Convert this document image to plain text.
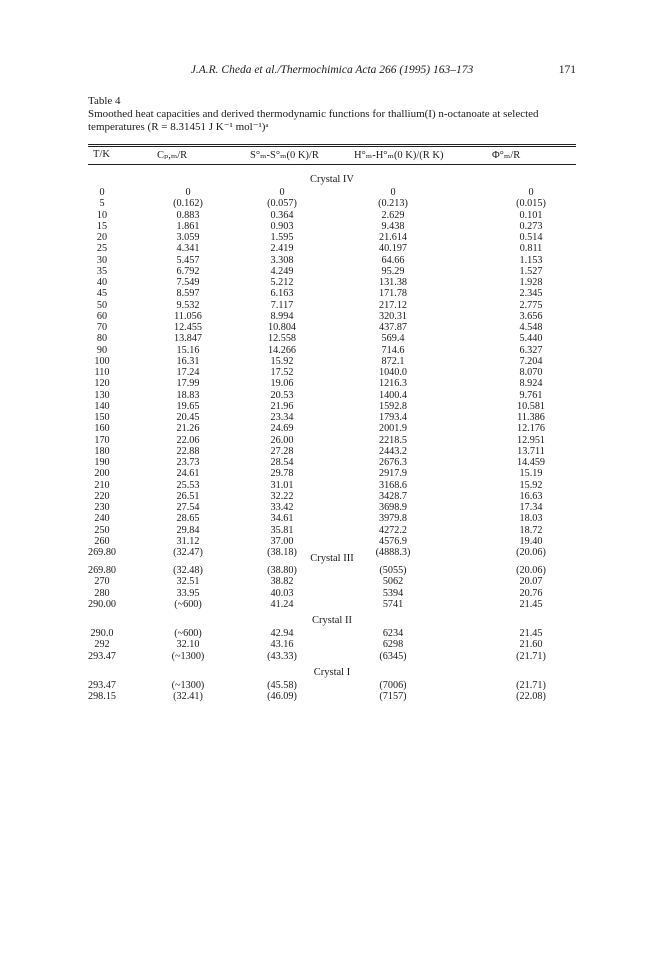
J.A.R. Cheda et al./Thermochimica Acta 266 (1995) 163–173	171
Table 4
Smoothed heat capacities and derived thermodynamic functions for thallium(I) n-octanoate at selected
temperatures (R = 8.31451 J K⁻¹ mol⁻¹)ᵃ
T/K	Cₚ,ₘ/R	S°ₘ-S°ₘ(0 K)/R	H°ₘ-H°ₘ(0 K)/(R K)	Φ°ₘ/R
Crystal IV
0	0	0	0	0
5	(0.162)	(0.057)	(0.213)	(0.015)
10	0.883	0.364	2.629	0.101
15	1.861	0.903	9.438	0.273
20	3.059	1.595	21.614	0.514
25	4.341	2.419	40.197	0.811
30	5.457	3.308	64.66	1.153
35	6.792	4.249	95.29	1.527
40	7.549	5.212	131.38	1.928
45	8.597	6.163	171.78	2.345
50	9.532	7.117	217.12	2.775
60	11.056	8.994	320.31	3.656
70	12.455	10.804	437.87	4.548
80	13.847	12.558	569.4	5.440
90	15.16	14.266	714.6	6.327
100	16.31	15.92	872.1	7.204
110	17.24	17.52	1040.0	8.070
120	17.99	19.06	1216.3	8.924
130	18.83	20.53	1400.4	9.761
140	19.65	21.96	1592.8	10.581
150	20.45	23.34	1793.4	11.386
160	21.26	24.69	2001.9	12.176
170	22.06	26.00	2218.5	12.951
180	22.88	27.28	2443.2	13.711
190	23.73	28.54	2676.3	14.459
200	24.61	29.78	2917.9	15.19
210	25.53	31.01	3168.6	15.92
220	26.51	32.22	3428.7	16.63
230	27.54	33.42	3698.9	17.34
240	28.65	34.61	3979.8	18.03
250	29.84	35.81	4272.2	18.72
260	31.12	37.00	4576.9	19.40
269.80	(32.47)	(38.18)	(4888.3)	(20.06)
Crystal III
269.80	(32.48)	(38.80)	(5055)	(20.06)
270	32.51	38.82	5062	20.07
280	33.95	40.03	5394	20.76
290.00	(~600)	41.24	5741	21.45
Crystal II
290.0	(~600)	42.94	6234	21.45
292	32.10	43.16	6298	21.60
293.47	(~1300)	(43.33)	(6345)	(21.71)
Crystal I
293.47	(~1300)	(45.58)	(7006)	(21.71)
298.15	(32.41)	(46.09)	(7157)	(22.08)
